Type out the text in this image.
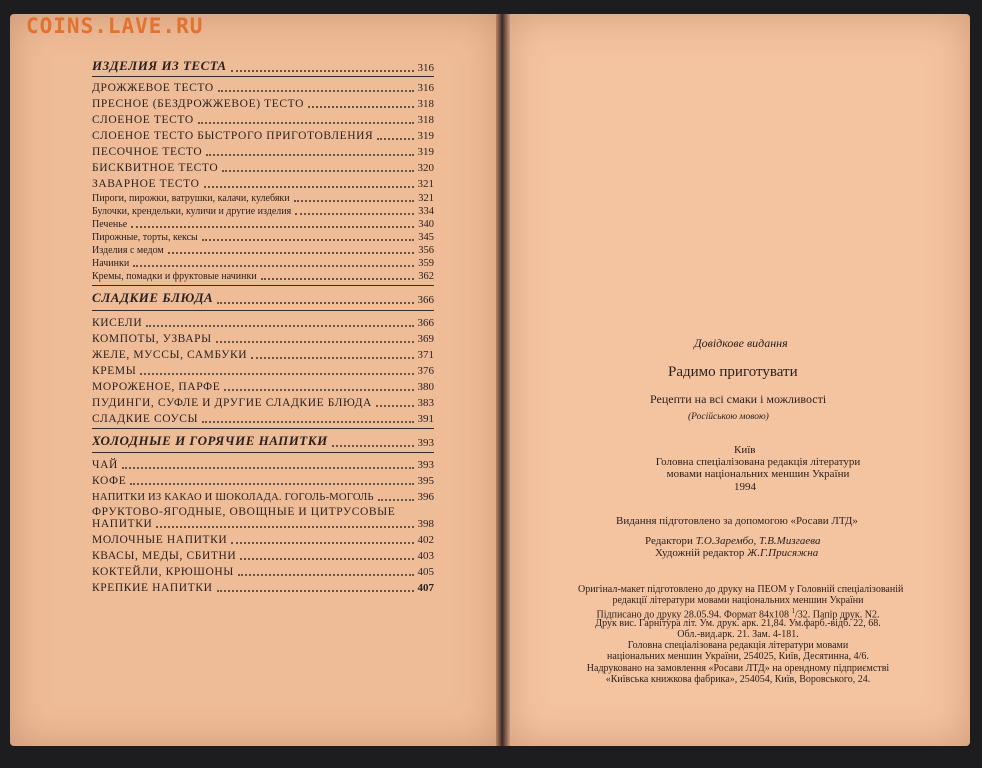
COINS.LAVE.RU
ИЗДЕЛИЯ ИЗ ТЕСТА	316
ДРОЖЖЕВОЕ ТЕСТО	316
ПРЕСНОЕ (БЕЗДРОЖЖЕВОЕ) ТЕСТО	318
СЛОЕНОЕ ТЕСТО	318
СЛОЕНОЕ ТЕСТО БЫСТРОГО ПРИГОТОВЛЕНИЯ	319
ПЕСОЧНОЕ ТЕСТО	319
БИСКВИТНОЕ ТЕСТО	320
ЗАВАРНОЕ ТЕСТО	321
Пироги, пирожки, ватрушки, калачи, кулебяки	321
Булочки, крендельки, куличи и другие изделия	334
Печенье	340
Пирожные, торты, кексы	345
Изделия с медом	356
Начинки	359
Кремы, помадки и фруктовые начинки	362
СЛАДКИЕ БЛЮДА	366
КИСЕЛИ	366
КОМПОТЫ, УЗВАРЫ	369
ЖЕЛЕ, МУССЫ, САМБУКИ	371
КРЕМЫ	376
МОРОЖЕНОЕ, ПАРФЕ	380
ПУДИНГИ, СУФЛЕ И ДРУГИЕ СЛАДКИЕ БЛЮДА	383
СЛАДКИЕ СОУСЫ	391
ХОЛОДНЫЕ И ГОРЯЧИЕ НАПИТКИ	393
ЧАЙ	393
КОФЕ	395
НАПИТКИ ИЗ КАКАО И ШОКОЛАДА. ГОГОЛЬ-МОГОЛЬ	396
ФРУКТОВО-ЯГОДНЫЕ, ОВОЩНЫЕ И ЦИТРУСОВЫЕ
НАПИТКИ	398
МОЛОЧНЫЕ НАПИТКИ	402
КВАСЫ, МЕДЫ, СБИТНИ	403
КОКТЕЙЛИ, КРЮШОНЫ	405
КРЕПКИЕ НАПИТКИ	407
Довідкове видання
Радимо приготувати
Рецепти на всі смаки і можливості
(Російською мовою)
Київ
Головна спеціалізована редакція літератури
мовами національних меншин України
1994
Видання підготовлено за допомогою «Росави ЛТД»
Редактори Т.О.Зарембо, Т.В.Мизгаева
Художній редактор Ж.Г.Присяжна
Оригінал-макет підготовлено до друку на ПЕОМ у Головній спеціалізованій
редакції літератури мовами національних меншин України
Підписано до друку 28.05.94. Формат 84х108 $^1$/32. Папір друк. N2.
Друк вис. Гарнітура літ. Ум. друк. арк. 21,84. Ум.фарб.-відб. 22, 68.
Обл.-вид.арк. 21. Зам. 4-181.
Головна спеціалізована редакція літератури мовами
національних меншин України, 254025, Київ, Десятинна, 4/6.
Надруковано на замовлення «Росави ЛТД» на орендному підприємстві
«Київська книжкова фабрика», 254054, Київ, Воровського, 24.
